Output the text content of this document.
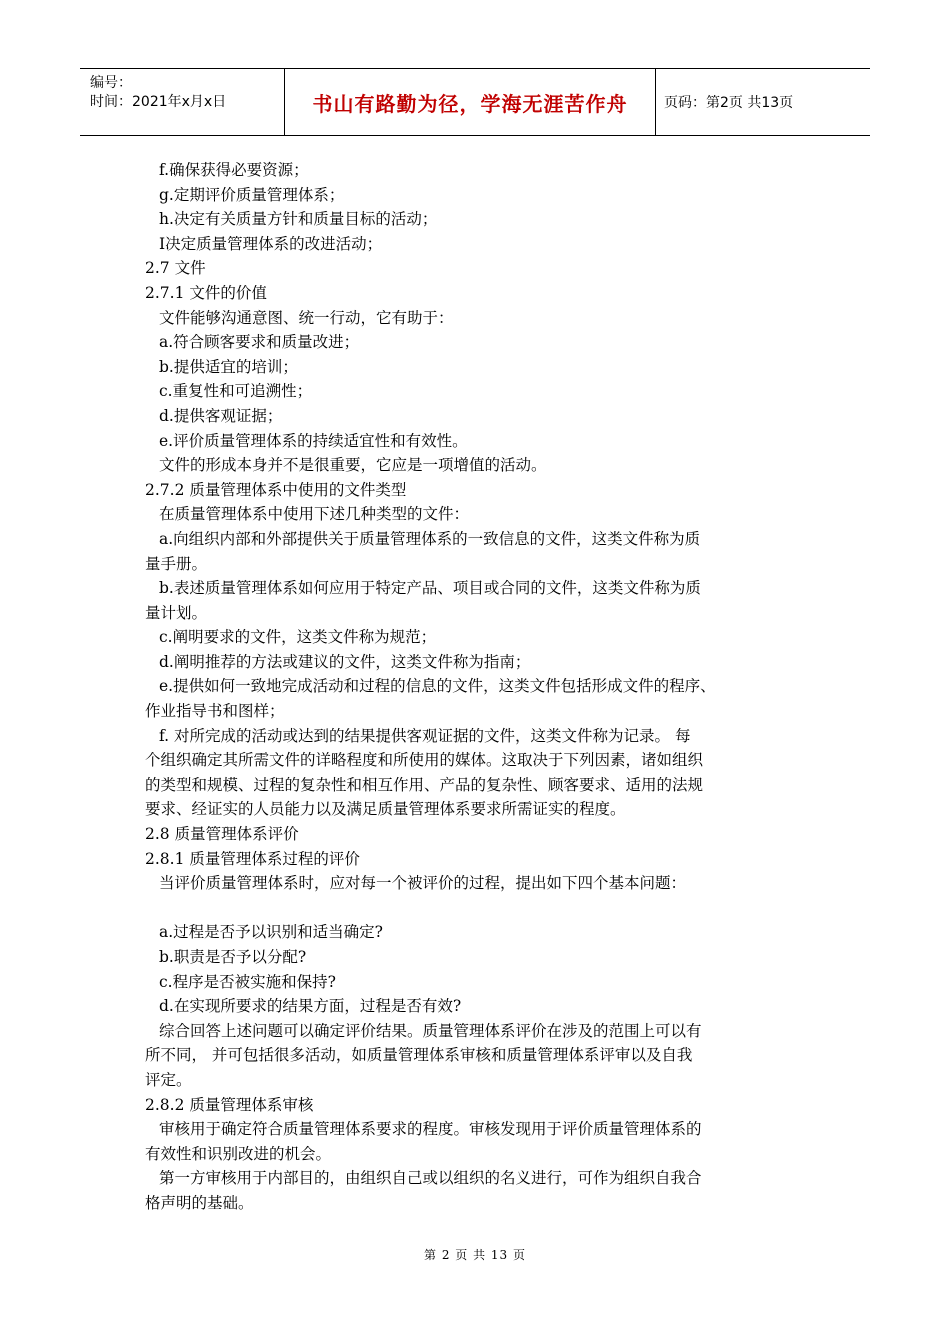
编号：
时间：2021年x月x日	书山有路勤为径，学海无涯苦作舟	页码：第2页 共13页

f.确保获得必要资源；

g.定期评价质量管理体系；

h.决定有关质量方针和质量目标的活动；

I决定质量管理体系的改进活动；

2.7 文件

2.7.1 文件的价值

文件能够沟通意图、统一行动，它有助于：

a.符合顾客要求和质量改进；

b.提供适宜的培训；

c.重复性和可追溯性；

d.提供客观证据；

e.评价质量管理体系的持续适宜性和有效性。

文件的形成本身并不是很重要，它应是一项增值的活动。

2.7.2 质量管理体系中使用的文件类型

在质量管理体系中使用下述几种类型的文件：

a.向组织内部和外部提供关于质量管理体系的一致信息的文件，这类文件称为质

量手册。

b.表述质量管理体系如何应用于特定产品、项目或合同的文件，这类文件称为质

量计划。

c.阐明要求的文件，这类文件称为规范；

d.阐明推荐的方法或建议的文件，这类文件称为指南；

e.提供如何一致地完成活动和过程的信息的文件，这类文件包括形成文件的程序、

作业指导书和图样；

f. 对所完成的活动或达到的结果提供客观证据的文件，这类文件称为记录。 每

个组织确定其所需文件的详略程度和所使用的媒体。这取决于下列因素，诸如组织

的类型和规模、过程的复杂性和相互作用、产品的复杂性、顾客要求、适用的法规

要求、经证实的人员能力以及满足质量管理体系要求所需证实的程度。

2.8 质量管理体系评价

2.8.1 质量管理体系过程的评价

当评价质量管理体系时，应对每一个被评价的过程，提出如下四个基本问题：

a.过程是否予以识别和适当确定?

b.职责是否予以分配?

c.程序是否被实施和保持?

d.在实现所要求的结果方面，过程是否有效?

综合回答上述问题可以确定评价结果。质量管理体系评价在涉及的范围上可以有

所不同， 并可包括很多活动，如质量管理体系审核和质量管理体系评审以及自我

评定。

2.8.2 质量管理体系审核

审核用于确定符合质量管理体系要求的程度。审核发现用于评价质量管理体系的

有效性和识别改进的机会。

第一方审核用于内部目的，由组织自己或以组织的名义进行，可作为组织自我合

格声明的基础。

第 2 页 共 13 页
